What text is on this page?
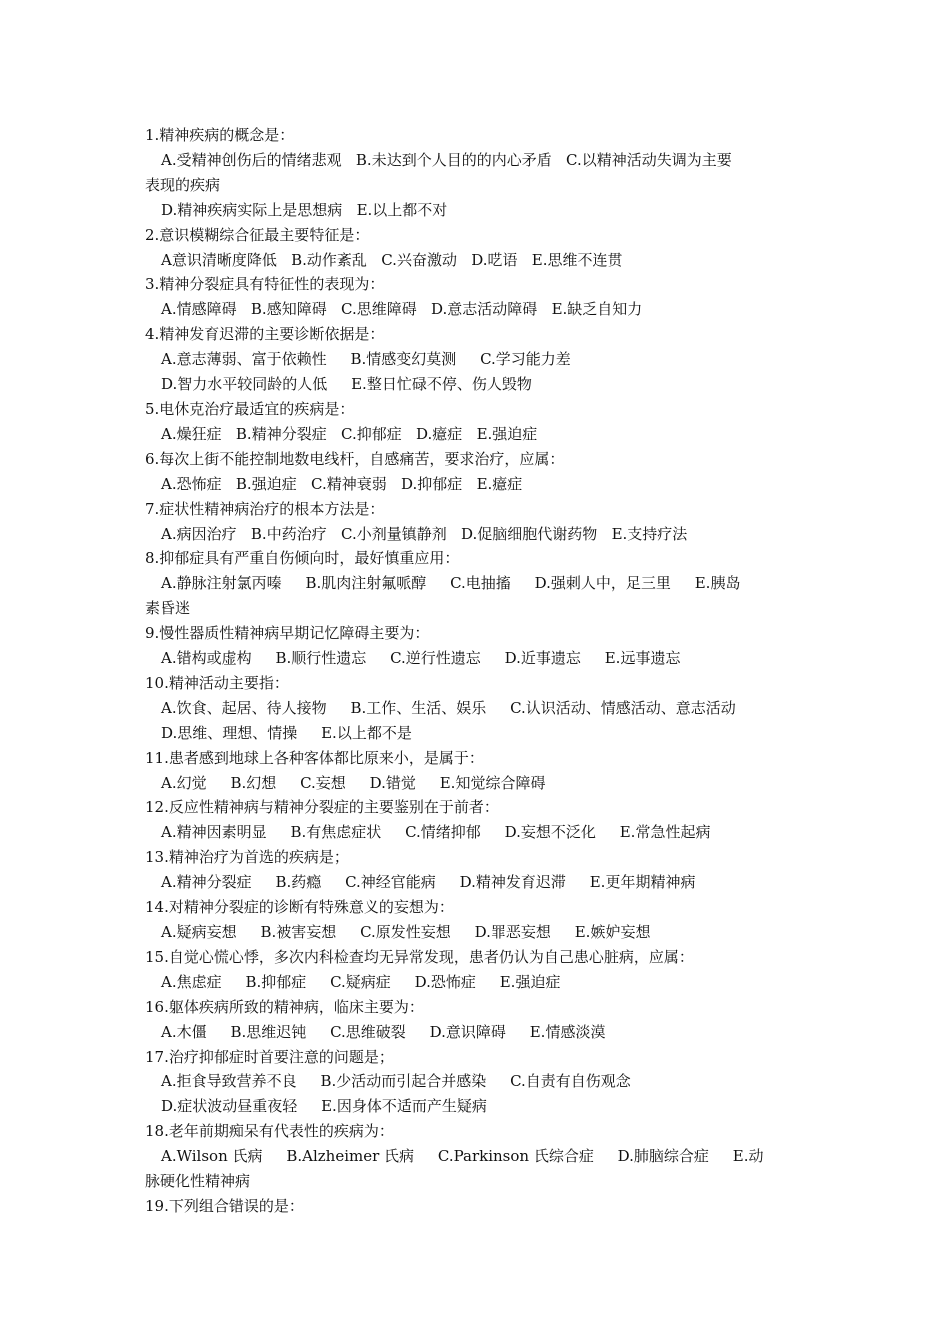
1.精神疾病的概念是：
A.受精神创伤后的情绪悲观   B.未达到个人目的的内心矛盾   C.以精神活动失调为主要
表现的疾病
D.精神疾病实际上是思想病   E.以上都不对
2.意识模糊综合征最主要特征是：
A意识清晰度降低   B.动作紊乱   C.兴奋激动   D.呓语   E.思维不连贯
3.精神分裂症具有特征性的表现为：
A.情感障碍   B.感知障碍   C.思维障碍   D.意志活动障碍   E.缺乏自知力
4.精神发育迟滞的主要诊断依据是：
A.意志薄弱、富于依赖性     B.情感变幻莫测     C.学习能力差
D.智力水平较同龄的人低     E.整日忙碌不停、伤人毁物
5.电休克治疗最适宜的疾病是：
A.燥狂症   B.精神分裂症   C.抑郁症   D.癔症   E.强迫症
6.每次上街不能控制地数电线杆，自感痛苦，要求治疗，应属：
A.恐怖症   B.强迫症   C.精神衰弱   D.抑郁症   E.癔症
7.症状性精神病治疗的根本方法是：
A.病因治疗   B.中药治疗   C.小剂量镇静剂   D.促脑细胞代谢药物   E.支持疗法
8.抑郁症具有严重自伤倾向时，最好慎重应用：
A.静脉注射氯丙嗪     B.肌肉注射氟哌醇     C.电抽搐     D.强刺人中，足三里     E.胰岛
素昏迷
9.慢性器质性精神病早期记忆障碍主要为：
A.错构或虚构     B.顺行性遗忘     C.逆行性遗忘     D.近事遗忘     E.远事遗忘
10.精神活动主要指：
A.饮食、起居、待人接物     B.工作、生活、娱乐     C.认识活动、情感活动、意志活动
D.思维、理想、情操     E.以上都不是
11.患者感到地球上各种客体都比原来小，是属于：
A.幻觉     B.幻想     C.妄想     D.错觉     E.知觉综合障碍
12.反应性精神病与精神分裂症的主要鉴别在于前者：
A.精神因素明显     B.有焦虑症状     C.情绪抑郁     D.妄想不泛化     E.常急性起病
13.精神治疗为首选的疾病是；
A.精神分裂症     B.药瘾     C.神经官能病     D.精神发育迟滞     E.更年期精神病
14.对精神分裂症的诊断有特殊意义的妄想为：
A.疑病妄想     B.被害妄想     C.原发性妄想     D.罪恶妄想     E.嫉妒妄想
15.自觉心慌心悸，多次内科检查均无异常发现，患者仍认为自己患心脏病，应属：
A.焦虑症     B.抑郁症     C.疑病症     D.恐怖症     E.强迫症
16.躯体疾病所致的精神病，临床主要为：
A.木僵     B.思维迟钝     C.思维破裂     D.意识障碍     E.情感淡漠
17.治疗抑郁症时首要注意的问题是；
A.拒食导致营养不良     B.少活动而引起合并感染     C.自责有自伤观念
D.症状波动昼重夜轻     E.因身体不适而产生疑病
18.老年前期痴呆有代表性的疾病为：
A.Wilson 氏病     B.Alzheimer 氏病     C.Parkinson 氏综合症     D.肺脑综合症     E.动
脉硬化性精神病
19.下列组合错误的是：
